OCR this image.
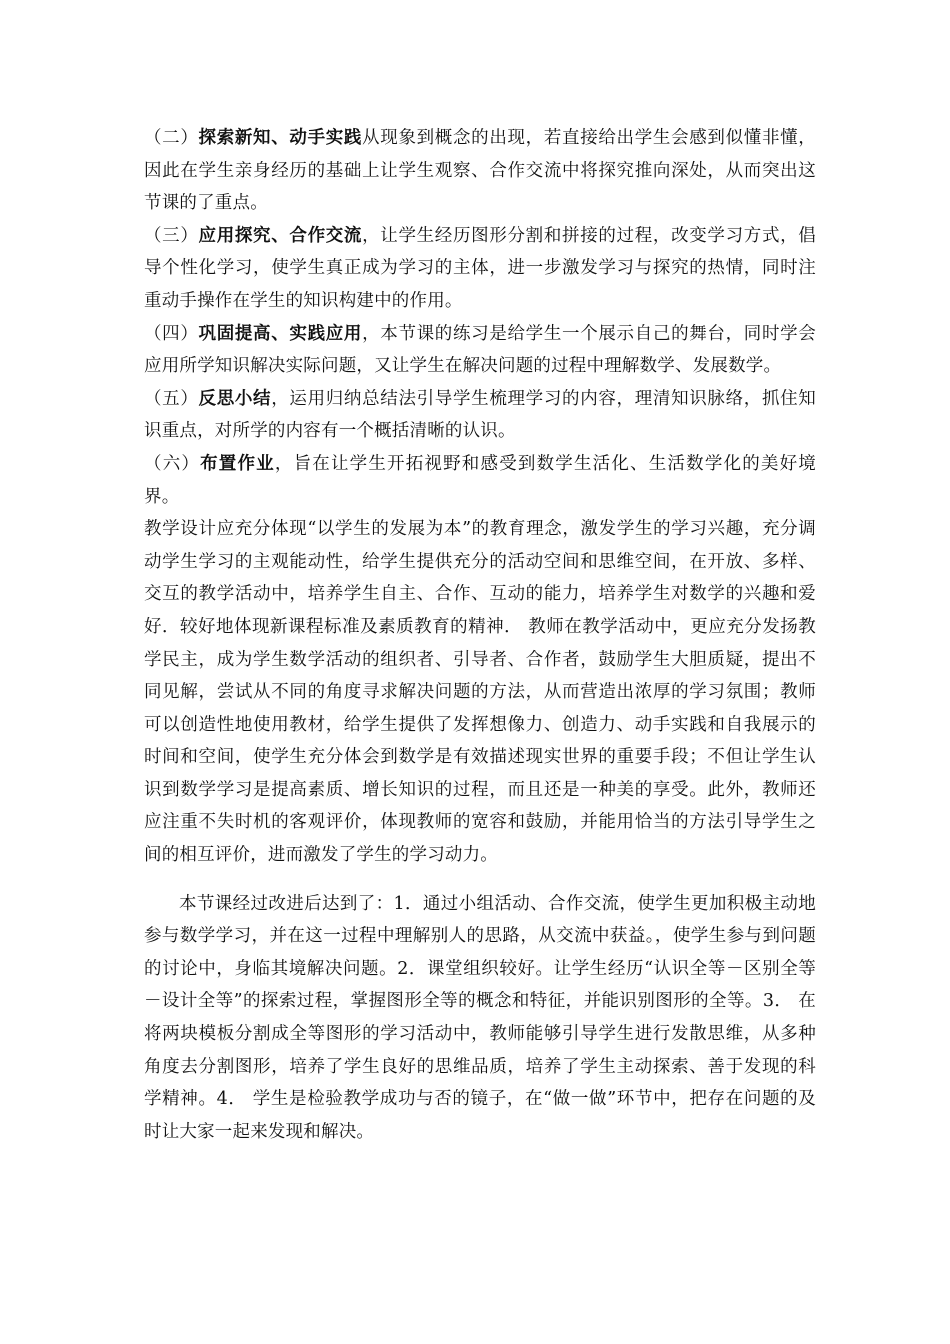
（二）探索新知、动手实践从现象到概念的出现，若直接给出学生会感到似懂非懂，因此在学生亲身经历的基础上让学生观察、合作交流中将探究推向深处，从而突出这节课的了重点。

（三）应用探究、合作交流，让学生经历图形分割和拼接的过程，改变学习方式，倡导个性化学习，使学生真正成为学习的主体，进一步激发学习与探究的热情，同时注重动手操作在学生的知识构建中的作用。

（四）巩固提高、实践应用，本节课的练习是给学生一个展示自己的舞台，同时学会应用所学知识解决实际问题，又让学生在解决问题的过程中理解数学、发展数学。

（五）反思小结，运用归纳总结法引导学生梳理学习的内容，理清知识脉络，抓住知识重点，对所学的内容有一个概括清晰的认识。

（六）布置作业，旨在让学生开拓视野和感受到数学生活化、生活数学化的美好境界。

教学设计应充分体现“以学生的发展为本”的教育理念，激发学生的学习兴趣，充分调动学生学习的主观能动性，给学生提供充分的活动空间和思维空间，在开放、多样、交互的教学活动中，培养学生自主、合作、互动的能力，培养学生对数学的兴趣和爱好．较好地体现新课程标准及素质教育的精神． 教师在教学活动中，更应充分发扬教学民主，成为学生数学活动的组织者、引导者、合作者，鼓励学生大胆质疑，提出不同见解，尝试从不同的角度寻求解决问题的方法，从而营造出浓厚的学习氛围；教师可以创造性地使用教材，给学生提供了发挥想像力、创造力、动手实践和自我展示的时间和空间，使学生充分体会到数学是有效描述现实世界的重要手段；不但让学生认识到数学学习是提高素质、增长知识的过程，而且还是一种美的享受。此外，教师还应注重不失时机的客观评价，体现教师的宽容和鼓励，并能用恰当的方法引导学生之间的相互评价，进而激发了学生的学习动力。

本节课经过改进后达到了：1．通过小组活动、合作交流，使学生更加积极主动地参与数学学习，并在这一过程中理解别人的思路，从交流中获益。，使学生参与到问题的讨论中，身临其境解决问题。2．课堂组织较好。让学生经历“认识全等－区别全等－设计全等”的探索过程，掌握图形全等的概念和特征，并能识别图形的全等。3． 在将两块模板分割成全等图形的学习活动中，教师能够引导学生进行发散思维，从多种角度去分割图形，培养了学生良好的思维品质，培养了学生主动探索、善于发现的科学精神。4． 学生是检验教学成功与否的镜子，在“做一做”环节中，把存在问题的及时让大家一起来发现和解决。
